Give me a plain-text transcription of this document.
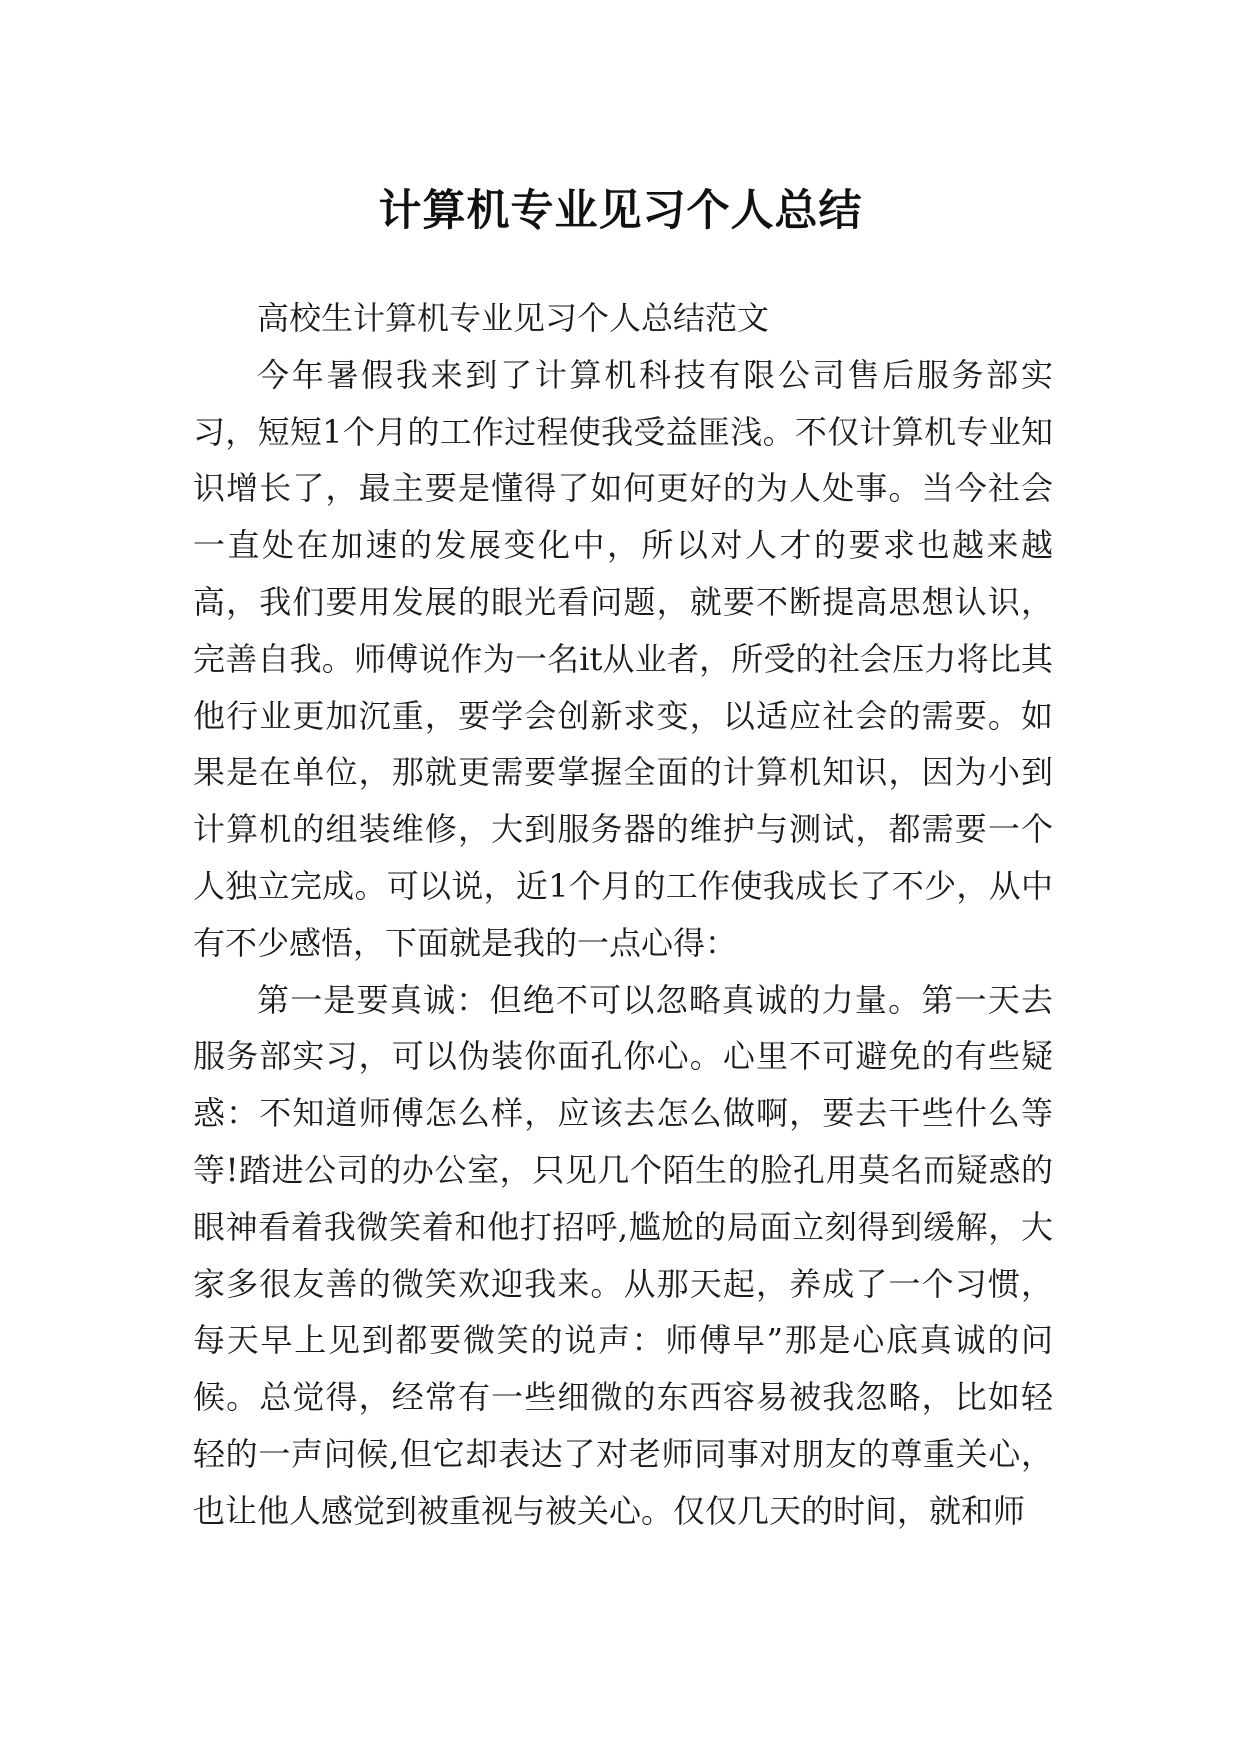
计算机专业见习个人总结

高校生计算机专业见习个人总结范文

今年暑假我来到了计算机科技有限公司售后服务部实习，短短1个月的工作过程使我受益匪浅。不仅计算机专业知识增长了，最主要是懂得了如何更好的为人处事。当今社会一直处在加速的发展变化中，所以对人才的要求也越来越高，我们要用发展的眼光看问题，就要不断提高思想认识，完善自我。师傅说作为一名it从业者，所受的社会压力将比其他行业更加沉重，要学会创新求变，以适应社会的需要。如果是在单位，那就更需要掌握全面的计算机知识，因为小到计算机的组装维修，大到服务器的维护与测试，都需要一个人独立完成。可以说，近1个月的工作使我成长了不少，从中有不少感悟，下面就是我的一点心得：

第一是要真诚：但绝不可以忽略真诚的力量。第一天去服务部实习，可以伪装你面孔你心。心里不可避免的有些疑惑：不知道师傅怎么样，应该去怎么做啊，要去干些什么等等!踏进公司的办公室，只见几个陌生的脸孔用莫名而疑惑的眼神看着我微笑着和他打招呼,尴尬的局面立刻得到缓解，大家多很友善的微笑欢迎我来。从那天起，养成了一个习惯，每天早上见到都要微笑的说声：师傅早”那是心底真诚的问候。总觉得，经常有一些细微的东西容易被我忽略，比如轻轻的一声问候,但它却表达了对老师同事对朋友的尊重关心，也让他人感觉到被重视与被关心。仅仅几天的时间，就和师
